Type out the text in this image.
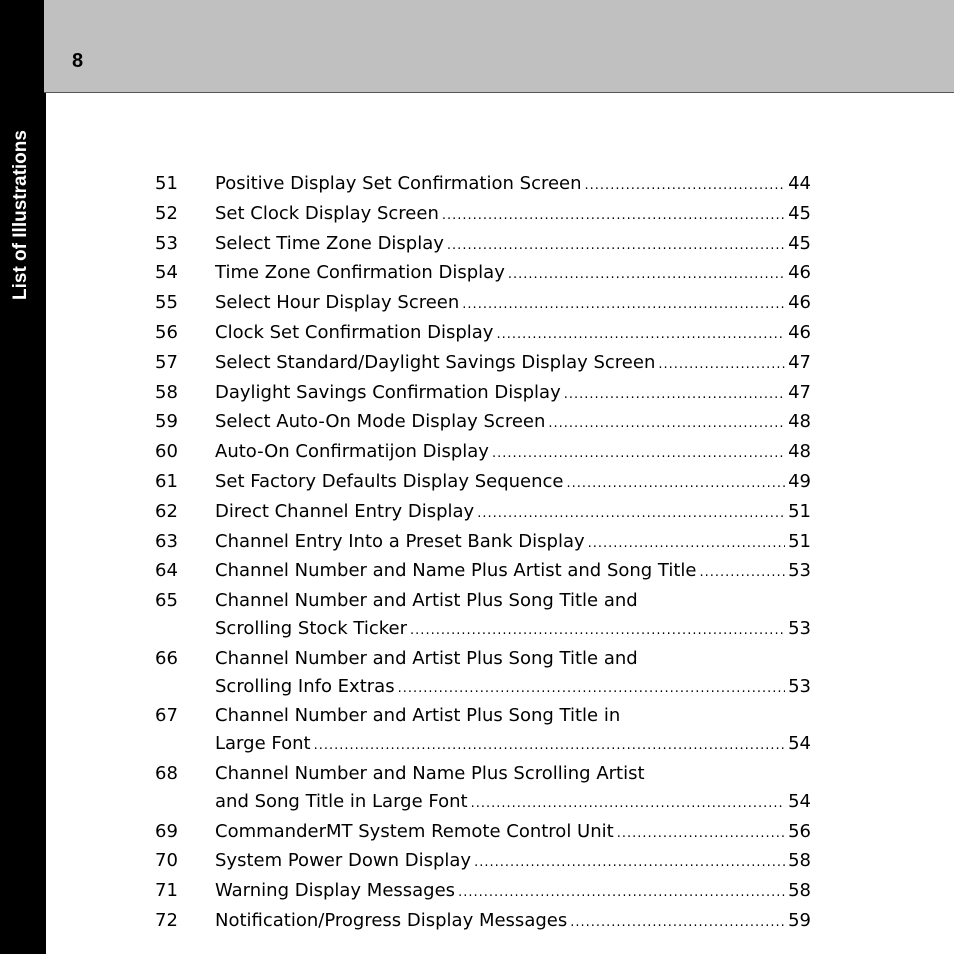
List of Illustrations
8
51	Positive Display Set Confirmation Screen .....	44
52	Set Clock Display Screen .....	45
53	Select Time Zone Display .....	45
54	Time Zone Confirmation Display .....	46
55	Select Hour Display Screen .....	46
56	Clock Set Confirmation Display .....	46
57	Select Standard/Daylight Savings Display Screen .....	47
58	Daylight Savings Confirmation Display .....	47
59	Select Auto-On Mode Display Screen .....	48
60	Auto-On Confirmatijon Display .....	48
61	Set Factory Defaults Display Sequence .....	49
62	Direct Channel Entry Display .....	51
63	Channel Entry Into a Preset Bank Display .....	51
64	Channel Number and Name Plus Artist and Song Title .....	53
65	Channel Number and Artist Plus Song Title and
Scrolling Stock Ticker .....	53
66	Channel Number and Artist Plus Song Title and
Scrolling Info Extras .....	53
67	Channel Number and Artist Plus Song Title in
Large Font .....	54
68	Channel Number and Name Plus Scrolling Artist
and Song Title in Large Font .....	54
69	CommanderMT System Remote Control Unit .....	56
70	System Power Down Display .....	58
71	Warning Display Messages .....	58
72	Notification/Progress Display Messages .....	59
